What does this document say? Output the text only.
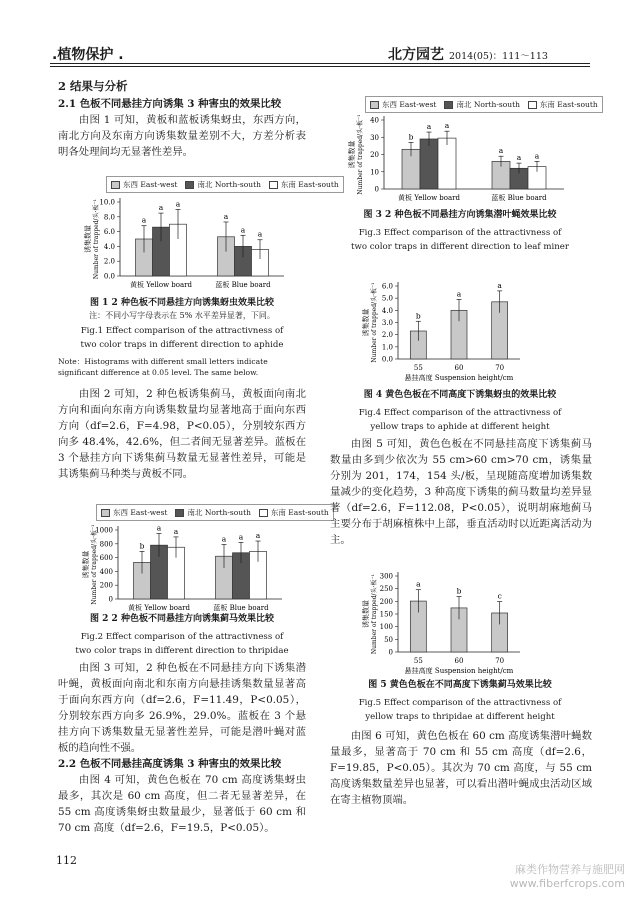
.植物保护 .	北方园艺 2014(05)：111～113
2 结果与分析
2.1 色板不同悬挂方向诱集 3 种害虫的效果比较

由图 1 可知，黄板和蓝板诱集蚜虫，东西方向，南北方向及东南方向诱集数量差别不大，方差分析表明各处理间均无显著性差异。

东西 East-west	南北 North-south	东南 East-south
诱集数量 Number of trapped/头·板⁻¹ 0.0
2.0
4.0
6.0
8.0
10.0
黄板 Yellow board
a
a a
蓝板 Blue board
a
a a
图 1 2 种色板不同悬挂方向诱集蚜虫效果比较
注：不同小写字母表示在 5% 水平差异显著，下同。
Fig.1 Effect comparison of the attractivness of
two color traps in different direction to aphide
Note：Histograms with different small letters indicate significant difference at 0.05 level. The same below.

由图 2 可知，2 种色板诱集蓟马，黄板面向南北方向和面向东南方向诱集数量均显著地高于面向东西方向（df=2.6，F=4.98，P<0.05），分别较东西方向多 48.4%，42.6%，但二者间无显著差异。蓝板在 3 个悬挂方向下诱集蓟马数量无显著性差异，可能是其诱集蓟马种类与黄板不同。

东西 East-west	南北 North-south	东南 East-south
诱集数量 Number of trapped/头·板⁻¹ 0
200
400
600
800
1000
黄板 Yellow board
b
a a
蓝板 Blue board
a a a
图 2 2 种色板不同悬挂方向诱集蓟马效果比较
Fig.2 Effect comparison of the attractivness of
two color traps in different direction to thripidae

由图 3 可知，2 种色板在不同悬挂方向下诱集潜叶蝇，黄板面向南北和东南方向悬挂诱集数量显著高于面向东西方向（df=2.6，F=11.49，P<0.05），分别较东西方向多 26.9%，29.0%。蓝板在 3 个悬挂方向下诱集数量无显著性差异，可能是潜叶蝇对蓝板的趋向性不强。

2.2 色板不同悬挂高度诱集 3 种害虫的效果比较

由图 4 可知，黄色色板在 70 cm 高度诱集蚜虫最多，其次是 60 cm 高度，但二者无显著差异，在 55 cm 高度诱集蚜虫数量最少，显著低于 60 cm 和 70 cm 高度（df=2.6，F=19.5，P<0.05）。

112
东西 East-west	南北 North-south	东南 East-south
诱集数量 Number of trapped/头·板⁻¹ 0
10
20
30
40
黄板 Yellow board
b
a a
蓝板 Blue board
a
a a
图 3 2 种色板不同悬挂方向诱集潜叶蝇效果比较
Fig.3 Effect comparison of the attractivness of
two color traps in different direction to leaf miner
诱集数量 Number of trapped/头·板⁻¹ 0.0
1.0
2.0
3.0
4.0
5.0
6.0
55
b
60
a
70
a
悬挂高度 Suspension height/cm
图 4 黄色色板在不同高度下诱集蚜虫的效果比较
Fig.4 Effect comparison of the attractivness of
yellow traps to aphide at different height

由图 5 可知，黄色色板在不同悬挂高度下诱集蓟马数量由多到少依次为 55 cm>60 cm>70 cm，诱集量分别为 201，174，154 头/板，呈现随高度增加诱集数量减少的变化趋势，3 种高度下诱集的蓟马数量均差异显著（df=2.6，F=112.08，P<0.05），说明胡麻地蓟马主要分布于胡麻植株中上部，垂直活动时以近距离活动为主。

诱集数量 Number of trapped/头·板⁻¹ 0
50
100
150
200
250
300
55
a
60
b
70
c
悬挂高度 Suspension height/cm
图 5 黄色色板在不同高度下诱集蓟马效果比较
Fig.5 Effect comparison of the attractivness of
yellow traps to thripidae at different height

由图 6 可知，黄色色板在 60 cm 高度诱集潜叶蝇数量最多，显著高于 70 cm 和 55 cm 高度（df=2.6，F=19.85，P<0.05）。其次为 70 cm 高度，与 55 cm 高度诱集数量差异也显著，可以看出潜叶蝇成虫活动区域在寄主植物顶端。

麻类作物营养与施肥网
www.fiberfcrops.com
